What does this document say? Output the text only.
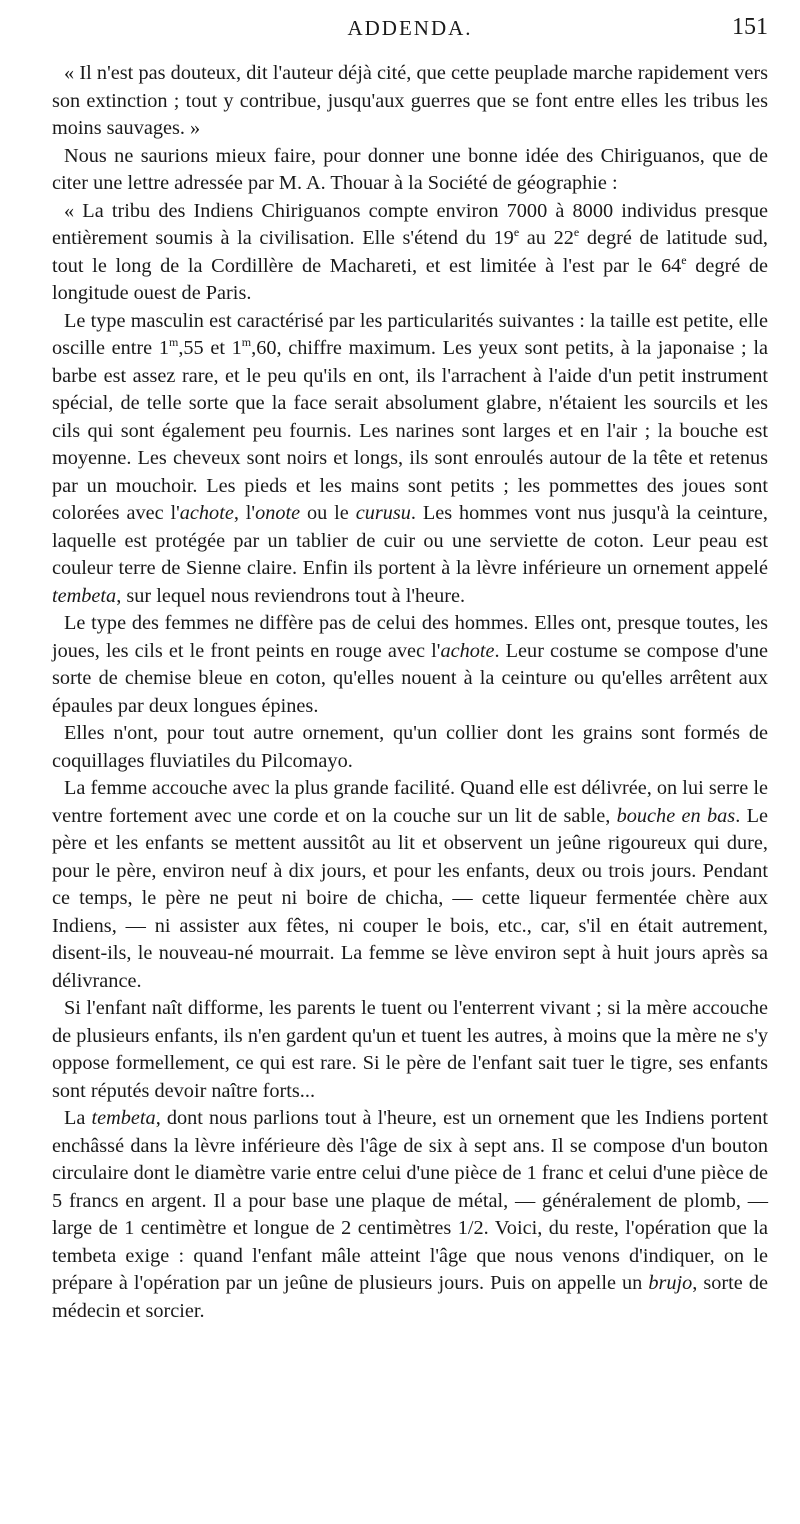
ADDENDA.	151

« Il n'est pas douteux, dit l'auteur déjà cité, que cette peuplade marche rapidement vers son extinction ; tout y contribue, jusqu'aux guerres que se font entre elles les tribus les moins sauvages. »

Nous ne saurions mieux faire, pour donner une bonne idée des Chiriguanos, que de citer une lettre adressée par M. A. Thouar à la Société de géographie :

« La tribu des Indiens Chiriguanos compte environ 7000 à 8000 individus presque entièrement soumis à la civilisation. Elle s'étend du 19e au 22e degré de latitude sud, tout le long de la Cordillère de Machareti, et est limitée à l'est par le 64e degré de longitude ouest de Paris.

Le type masculin est caractérisé par les particularités suivantes : la taille est petite, elle oscille entre 1$^m$,55 et 1$^m$,60, chiffre maximum. Les yeux sont petits, à la japonaise ; la barbe est assez rare, et le peu qu'ils en ont, ils l'arrachent à l'aide d'un petit instrument spécial, de telle sorte que la face serait absolument glabre, n'étaient les sourcils et les cils qui sont également peu fournis. Les narines sont larges et en l'air ; la bouche est moyenne. Les cheveux sont noirs et longs, ils sont enroulés autour de la tête et retenus par un mouchoir. Les pieds et les mains sont petits ; les pommettes des joues sont colorées avec l'achote, l'onote ou le curusu. Les hommes vont nus jusqu'à la ceinture, laquelle est protégée par un tablier de cuir ou une serviette de coton. Leur peau est couleur terre de Sienne claire. Enfin ils portent à la lèvre inférieure un ornement appelé tembeta, sur lequel nous reviendrons tout à l'heure.

Le type des femmes ne diffère pas de celui des hommes. Elles ont, presque toutes, les joues, les cils et le front peints en rouge avec l'achote. Leur costume se compose d'une sorte de chemise bleue en coton, qu'elles nouent à la ceinture ou qu'elles arrêtent aux épaules par deux longues épines.

Elles n'ont, pour tout autre ornement, qu'un collier dont les grains sont formés de coquillages fluviatiles du Pilcomayo.

La femme accouche avec la plus grande facilité. Quand elle est délivrée, on lui serre le ventre fortement avec une corde et on la couche sur un lit de sable, bouche en bas. Le père et les enfants se mettent aussitôt au lit et observent un jeûne rigoureux qui dure, pour le père, environ neuf à dix jours, et pour les enfants, deux ou trois jours. Pendant ce temps, le père ne peut ni boire de chicha, — cette liqueur fermentée chère aux Indiens, — ni assister aux fêtes, ni couper le bois, etc., car, s'il en était autrement, disent-ils, le nouveau-né mourrait. La femme se lève environ sept à huit jours après sa délivrance.

Si l'enfant naît difforme, les parents le tuent ou l'enterrent vivant ; si la mère accouche de plusieurs enfants, ils n'en gardent qu'un et tuent les autres, à moins que la mère ne s'y oppose formellement, ce qui est rare. Si le père de l'enfant sait tuer le tigre, ses enfants sont réputés devoir naître forts...

La tembeta, dont nous parlions tout à l'heure, est un ornement que les Indiens portent enchâssé dans la lèvre inférieure dès l'âge de six à sept ans. Il se compose d'un bouton circulaire dont le diamètre varie entre celui d'une pièce de 1 franc et celui d'une pièce de 5 francs en argent. Il a pour base une plaque de métal, — généralement de plomb, — large de 1 centimètre et longue de 2 centimètres 1/2. Voici, du reste, l'opération que la tembeta exige : quand l'enfant mâle atteint l'âge que nous venons d'indiquer, on le prépare à l'opération par un jeûne de plusieurs jours. Puis on appelle un brujo, sorte de médecin et sorcier.
